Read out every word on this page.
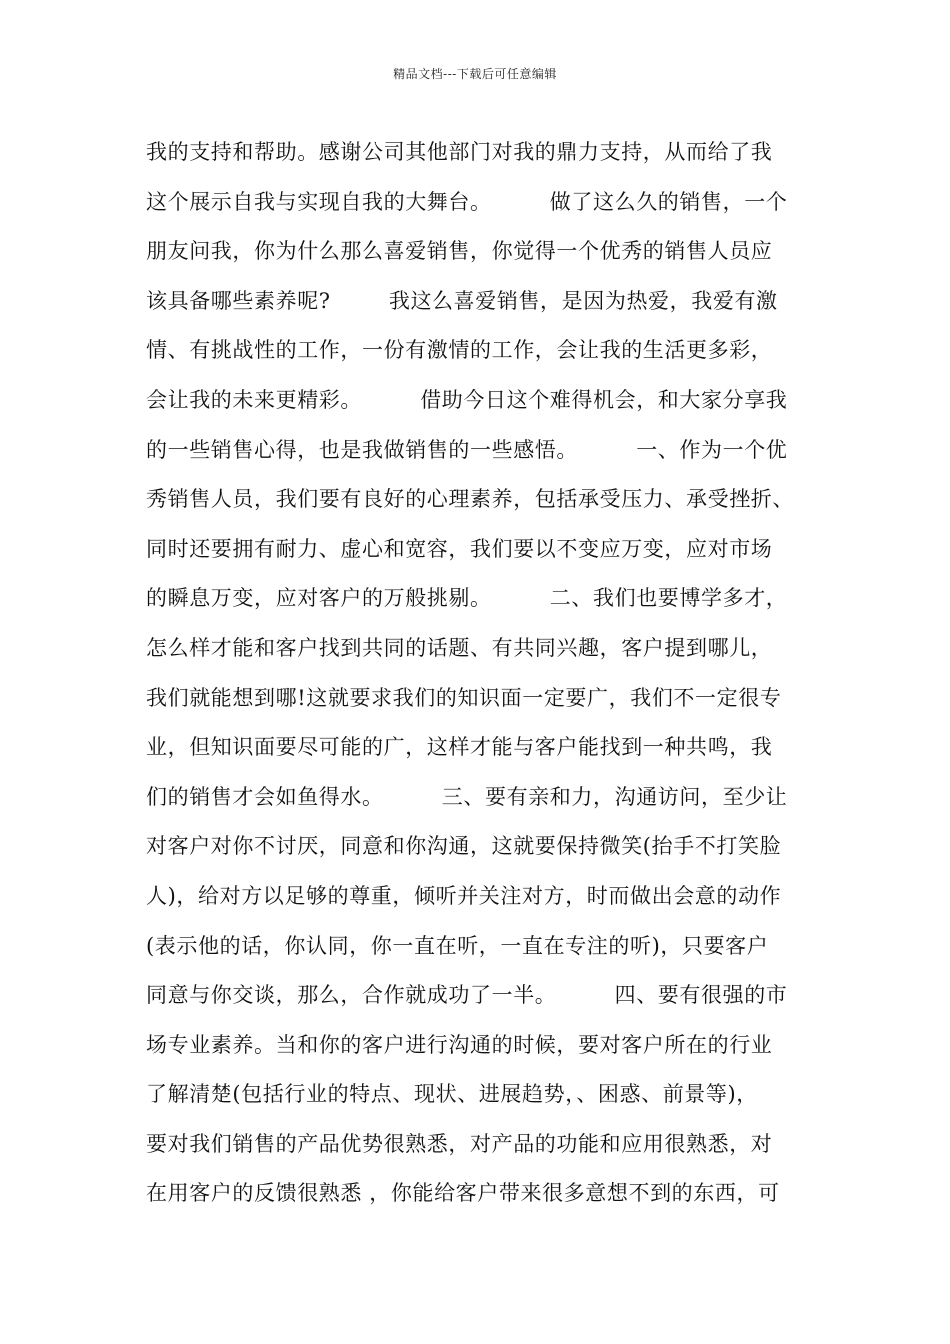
精品文档---下载后可任意编辑
我的支持和帮助。感谢公司其他部门对我的鼎力支持，从而给了我
这个展示自我与实现自我的大舞台。        做了这么久的销售，一个
朋友问我，你为什么那么喜爱销售，你觉得一个优秀的销售人员应
该具备哪些素养呢?        我这么喜爱销售，是因为热爱，我爱有激
情、有挑战性的工作，一份有激情的工作，会让我的生活更多彩，
会让我的未来更精彩。        借助今日这个难得机会，和大家分享我
的一些销售心得，也是我做销售的一些感悟。        一、作为一个优
秀销售人员，我们要有良好的心理素养，包括承受压力、承受挫折、
同时还要拥有耐力、虚心和宽容，我们要以不变应万变，应对市场
的瞬息万变，应对客户的万般挑剔。        二、我们也要博学多才，
怎么样才能和客户找到共同的话题、有共同兴趣，客户提到哪儿，
我们就能想到哪!这就要求我们的知识面一定要广，我们不一定很专
业，但知识面要尽可能的广，这样才能与客户能找到一种共鸣，我
们的销售才会如鱼得水。        三、要有亲和力，沟通访问，至少让
对客户对你不讨厌，同意和你沟通，这就要保持微笑(抬手不打笑脸
人)，给对方以足够的尊重，倾听并关注对方，时而做出会意的动作
(表示他的话，你认同，你一直在听，一直在专注的听)，只要客户
同意与你交谈，那么，合作就成功了一半。        四、要有很强的市
场专业素养。当和你的客户进行沟通的时候，要对客户所在的行业
了解清楚(包括行业的特点、现状、进展趋势，、困惑、前景等)，
要对我们销售的产品优势很熟悉，对产品的功能和应用很熟悉，对
在用客户的反馈很熟悉 ，你能给客户带来很多意想不到的东西，可
